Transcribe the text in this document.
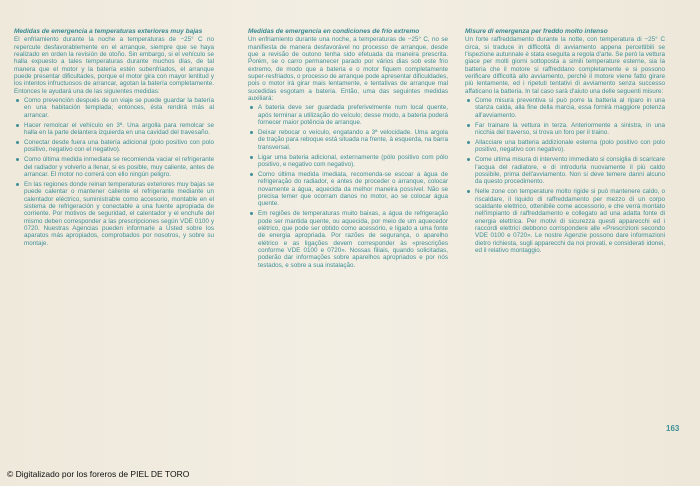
Medidas de emergencia a temperaturas exteriores muy bajas

El enfriamiento durante la noche a temperaturas de −25° C no repercute desfavorablemente en el arranque, siempre que se haya realizado en orden la revisión de otoño. Sin embargo, si el vehículo se halla expuesto a tales temperaturas durante muchos días, de tal manera que el motor y la batería estén subenfriados, el arranque puede presentar dificultades, porque el motor gira con mayor lentitud y los intentos infructuosos de arrancar, agotan la batería completamente. Entonces le ayudará una de las siguientes medidas:

Como prevención después de un viaje se puede guardar la batería en una habitación templada; entonces, ésta rendirá más al arrancar.
Hacer remolcar el vehículo en 3ª. Una argolla para remolcar se halla en la parte delantera izquierda en una cavidad del travesaño.
Conectar desde fuera una batería adicional (polo positivo con polo positivo, negativo con el negativo).
Como última medida inmediata se recomienda vaciar el refrigerante del radiador y volverlo a llenar, si es posible, muy caliente, antes de arrancar. El motor no correrá con ello ningún peligro.
En las regiones donde reinan temperaturas exteriores muy bajas se puede calentar o mantener caliente el refrigerante mediante un calentador eléctrico, suministrable como accesorio, montable en el sistema de refrigeración y conectable a una fuente apropiada de corriente. Por motivos de seguridad, el calentador y el enchufe del mismo deben corresponder a las prescripciones según VDE 0100 y 0720. Nuestras Agencias pueden informarle a Usted sobre los aparatos más apropiados, comprobados por nosotros, y sobre su montaje.
Medidas de emergencia en condiciones de frío extremo

Un enfriamiento durante una noche, a temperaturas de −25° C, no se manifiesta de manera desfavorável no processo de arranque, desde que a revisão de outono tenha sido efetuada da maneira prescrita. Porém, se o carro permanecer parado por vários dias sob este frio extremo, de modo que a bateria e o motor fiquem completamente super-resfriados, o processo de arranque pode apresentar dificuldades, pois o motor irá girar mais lentamente, e tentativas de arranque mal sucedidas esgotam a bateria. Então, uma das seguintes medidas auxiliará:

A bateria deve ser guardada preferivelmente num local quente, após terminar a utilização do veículo; desse modo, a bateria poderá fornecer maior potência de arranque.
Deixar rebocar o veículo, engatando a 3ª velocidade. Uma argola de tração para reboque está situada na frente, à esquerda, na barra transversal.
Ligar uma bateria adicional, externamente (pólo positivo com pólo positivo, e negativo com negativo).
Como última medida imediata, recomenda-se escoar a água de refrigeração do radiador, e antes de proceder o arranque, colocar novamente a água, aquecida da melhor maneira possível. Não se precisa temer que ocorram danos no motor, ao se colocar água quente.
Em regiões de temperaturas muito baixas, a água de refrigeração pode ser mantida quente, ou aquecida, por meio de um aquecedor elétrico, que pode ser obtido como acessório, e ligado a uma fonte de energia apropriada. Por razões de segurança, o aparelho elétrico e as ligações devem corresponder às «prescrições conforme VDE 0100 e 0720». Nossas filiais, quando solicitadas, poderão dar informações sobre aparelhos apropriados e por nós testados, e sobre a sua instalação.
Misure di emergenza per freddo molto intenso

Un forte raffreddamento durante la notte, con temperatura di −25° C circa, si traduce in difficoltà di avviamento appena percettibili se l'ispezione autunnale è stata eseguita a regola d'arte. Se però la vettura giace per molti giorni sottoposta a simili temperature esterne, sia la batteria che il motore si raffreddano completamente e si possono verificare difficoltà allo avviamento, perchè il motore viene fatto girare più lentamente, ed i ripetuti tentativi di avviamento senza successo affaticano la batteria. In tal caso sarà d'aiuto una delle seguenti misure:

Come misura preventiva si può porre la batteria al riparo in una stanza calda, alla fine della marcia, essa fornirà maggiore potenza all'avviamento.
Far trainare la vettura in terza. Anteriormente a sinistra, in una nicchia del traverso, si trova un foro per il traino.
Allacciare una batteria addizionale esterna (polo positivo con polo positivo, negativo con negativo).
Come ultima misura di intervento immediato si consiglia di scaricare l'acqua del radiatore, e di introdurla nuovamente il più caldo possibile, prima dell'avviamento. Non si deve temere danni alcuno da questo procedimento.
Nelle zone con temperature molto rigide si può mantenere caldo, o riscaldare, il liquido di raffreddamento per mezzo di un corpo scaldante elettrico, ottenibile come accessorio, e che verrà montato nell'impianto di raffreddamento e collegato ad una adatta fonte di energia elettrica. Per motivi di sicurezza questi apparecchi ed i raccordi elettrici debbono corrispondere alle «Prescrizioni secondo VDE 0100 e 0720». Le nostre Agenzie possono dare informazioni dietro richiesta, sugli apparecchi da noi provati, e considerati idonei, ed il relativo montaggio.
163
© Digitalizado por los foreros de PIEL DE TORO
